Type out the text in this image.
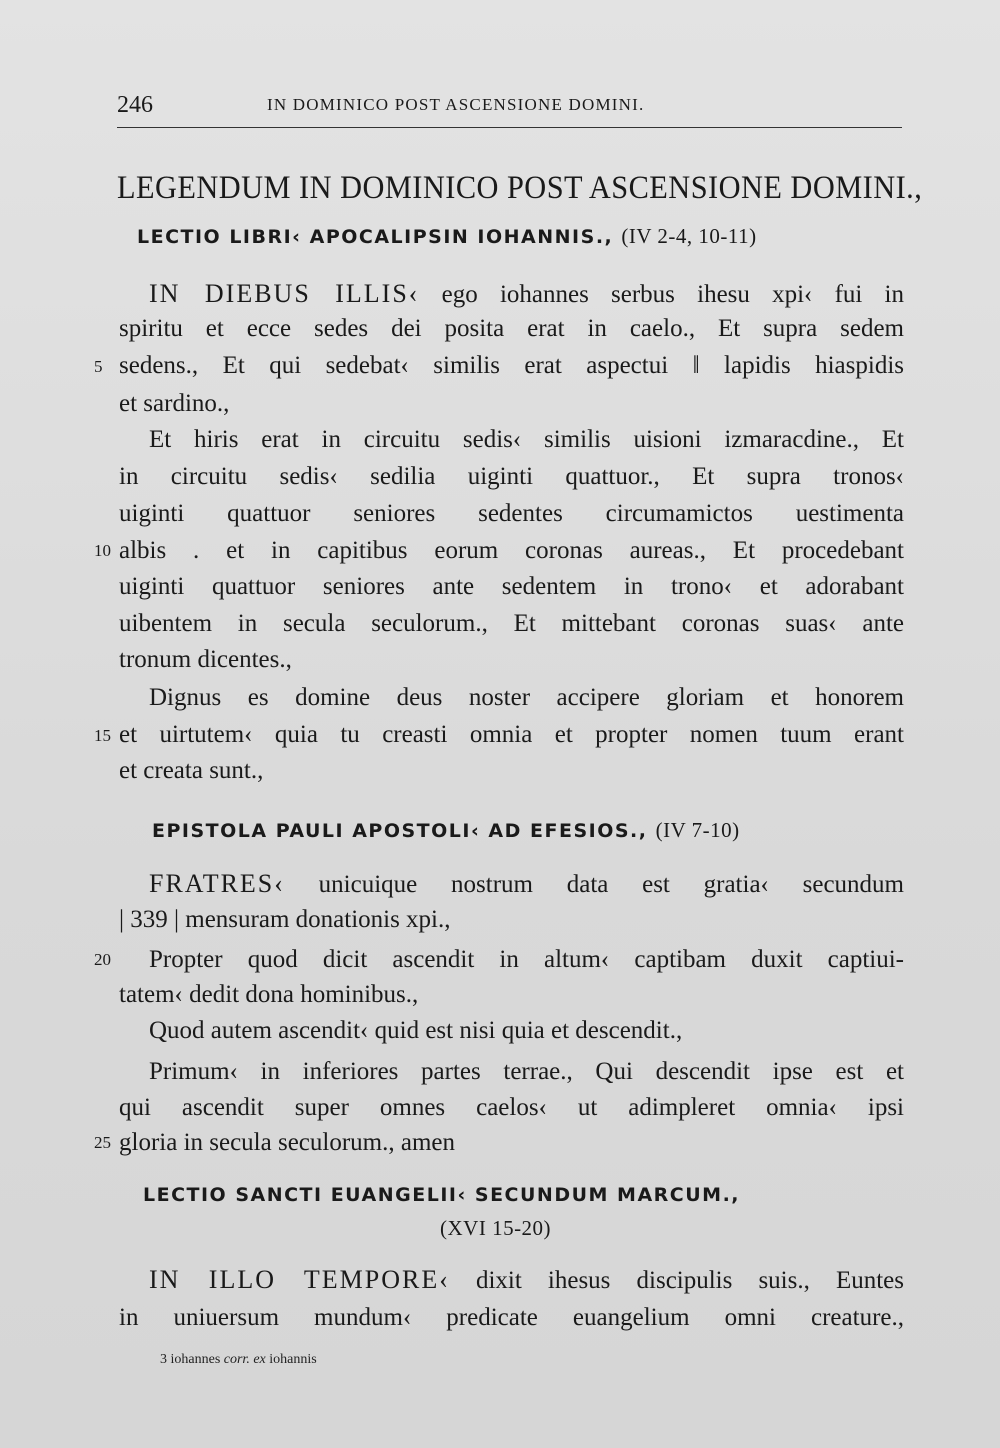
246	IN DOMINICO POST ASCENSIONE DOMINI.
LEGENDUM IN DOMINICO POST ASCENSIONE DOMINI.,
LECTIO LIBRI‹ APOCALIPSIN IOHANNIS., (IV 2-4, 10-11)
IN DIEBUS ILLIS‹ ego iohannes serbus ihesu xpi‹ fui in
spiritu et ecce sedes dei posita erat in caelo., Et supra sedem
sedens., Et qui sedebat‹ similis erat aspectui ‖ lapidis hiaspidis
et sardino.,
Et hiris erat in circuitu sedis‹ similis uisioni izmaracdine., Et
in circuitu sedis‹ sedilia uiginti quattuor., Et supra tronos‹
uiginti quattuor seniores sedentes circumamictos uestimenta
albis . et in capitibus eorum coronas aureas., Et procedebant
uiginti quattuor seniores ante sedentem in trono‹ et adorabant
uibentem in secula seculorum., Et mittebant coronas suas‹ ante
tronum dicentes.,
Dignus es domine deus noster accipere gloriam et honorem
et uirtutem‹ quia tu creasti omnia et propter nomen tuum erant
et creata sunt.,
EPISTOLA PAULI APOSTOLI‹ AD EFESIOS., (IV 7-10)
FRATRES‹ unicuique nostrum data est gratia‹ secundum
| 339 | mensuram donationis xpi.,
Propter quod dicit ascendit in altum‹ captibam duxit captiui-
tatem‹ dedit dona hominibus.,
Quod autem ascendit‹ quid est nisi quia et descendit.,
Primum‹ in inferiores partes terrae., Qui descendit ipse est et
qui ascendit super omnes caelos‹ ut adimpleret omnia‹ ipsi
gloria in secula seculorum., amen
LECTIO SANCTI EUANGELII‹ SECUNDUM MARCUM.,
(XVI 15-20)
IN ILLO TEMPORE‹ dixit ihesus discipulis suis., Euntes
in uniuersum mundum‹ predicate euangelium omni creature.,
5
10
15
20
25
3 iohannes corr. ex iohannis
